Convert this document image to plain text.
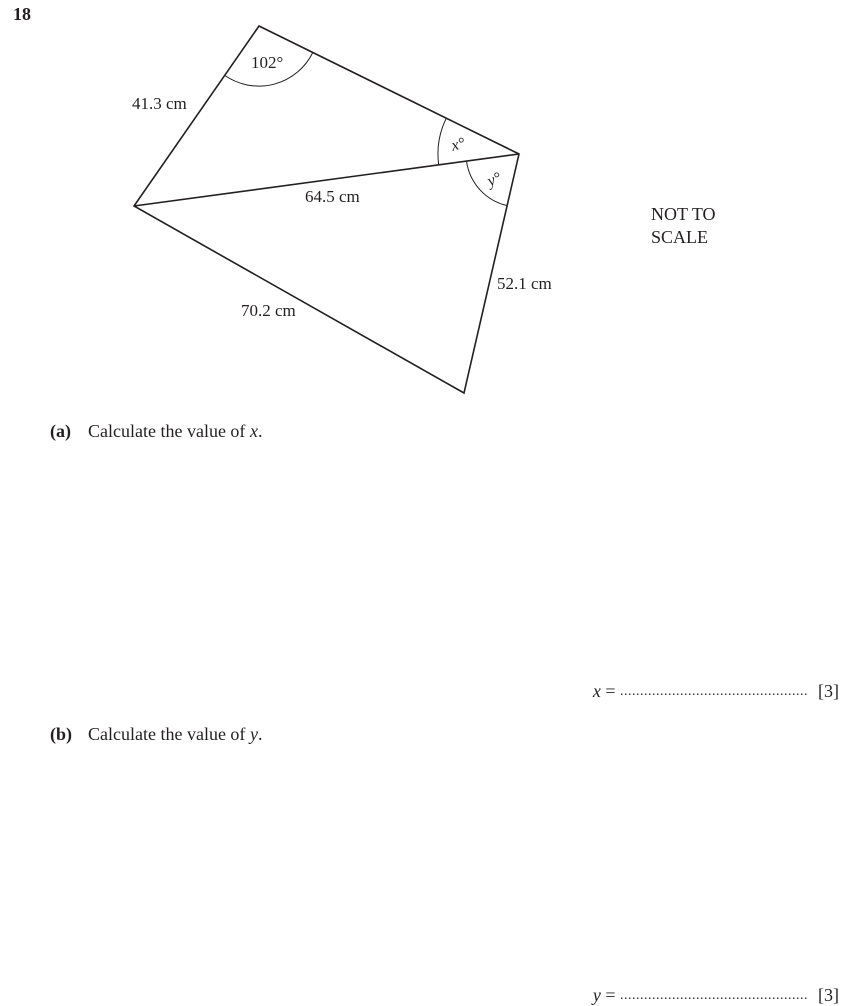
18
102°
x°
y°
41.3 cm
64.5 cm
70.2 cm
52.1 cm
NOT TO
SCALE
(a) Calculate the value of x.
x = ............................................... [3]
(b) Calculate the value of y.
y = ............................................... [3]
